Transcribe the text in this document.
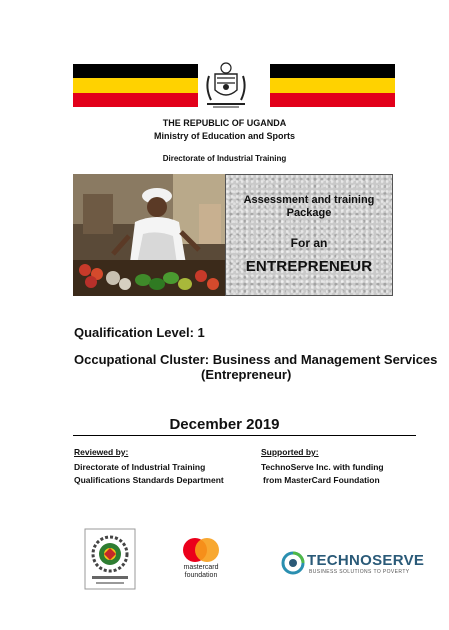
THE REPUBLIC OF UGANDA
Ministry of Education and Sports
Directorate of Industrial Training
Assessment and training
Package
For an
ENTREPRENEUR
Qualification Level: 1
Occupational Cluster: Business and Management Services
(Entrepreneur)
December 2019
Reviewed by:
Directorate of Industrial Training
Qualifications Standards Department
Supported by:
TechnoServe Inc. with funding
from MasterCard Foundation
mastercard
foundation
TECHNOSERVE
BUSINESS SOLUTIONS TO POVERTY
